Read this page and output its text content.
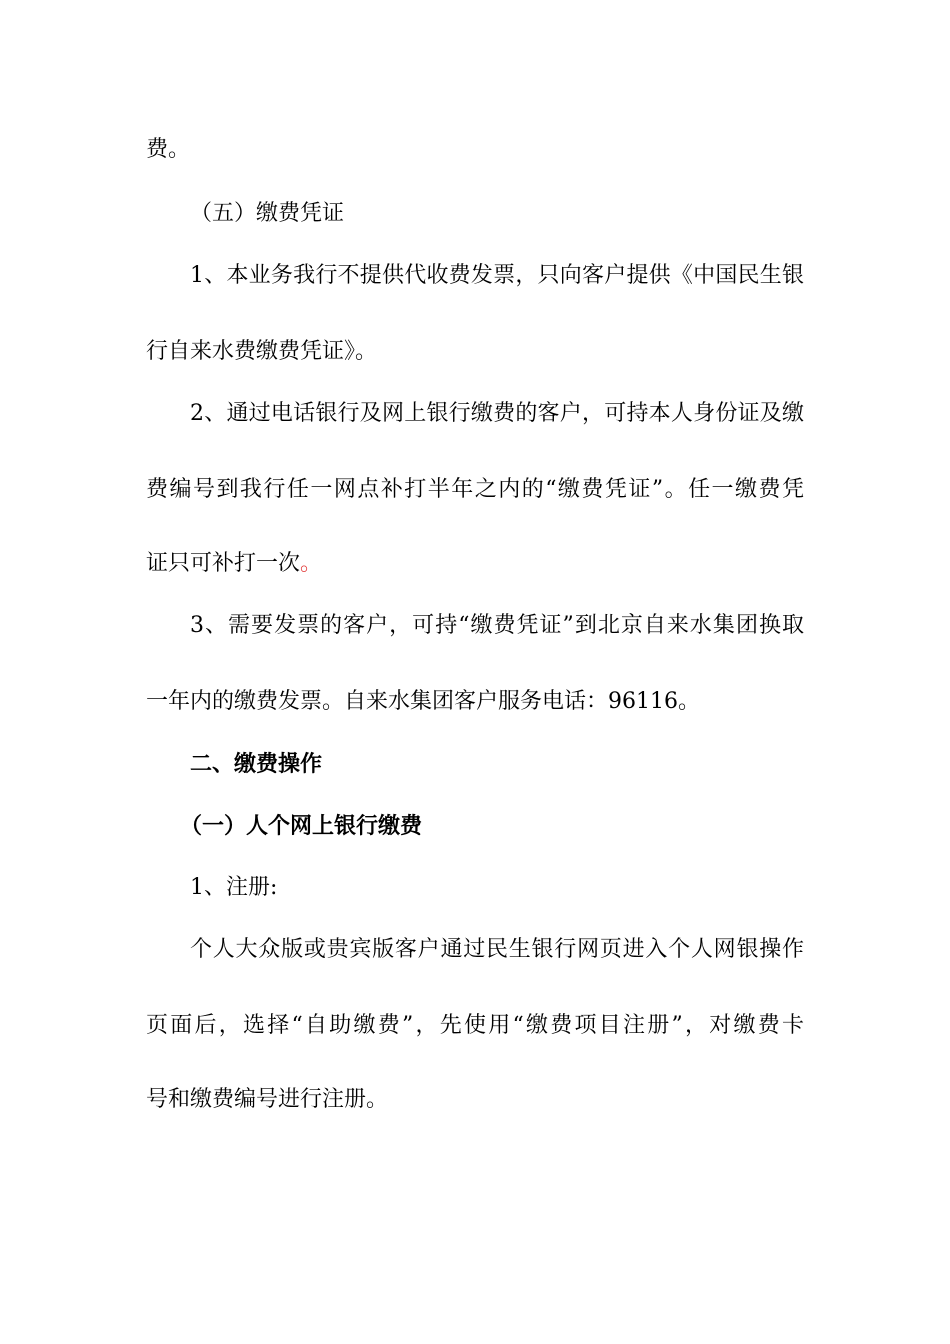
费。
（五）缴费凭证
1、本业务我行不提供代收费发票，只向客户提供《中国民生银
行自来水费缴费凭证》。
2、通过电话银行及网上银行缴费的客户，可持本人身份证及缴
费编号到我行任一网点补打半年之内的“缴费凭证”。任一缴费凭
证只可补打一次。
3、需要发票的客户，可持“缴费凭证”到北京自来水集团换取
一年内的缴费发票。自来水集团客户服务电话：96116。
二、缴费操作
（一）人个网上银行缴费
1、注册:
个人大众版或贵宾版客户通过民生银行网页进入个人网银操作
页面后，选择“自助缴费”，先使用“缴费项目注册”，对缴费卡
号和缴费编号进行注册。
